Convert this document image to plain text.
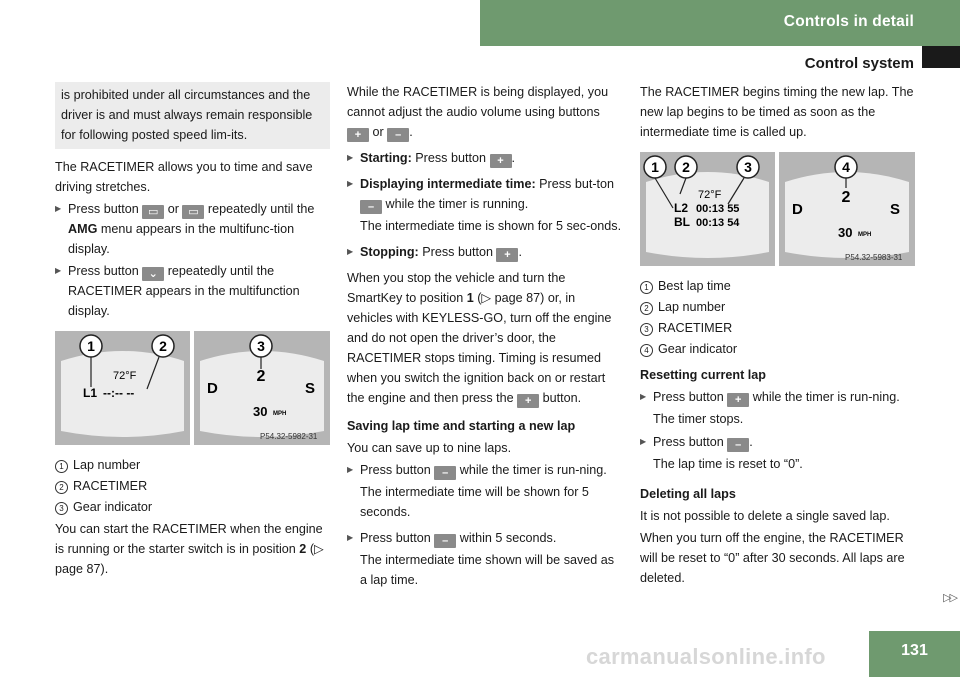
Controls in detail
Control system
is prohibited under all circumstances and the driver is and must always remain responsible for following posted speed lim-its.

The RACETIMER allows you to time and save driving stretches.

▶ Press button ▭ or ▭ repeatedly until the AMG menu appears in the multifunc-tion display.
▶ Press button ⌄ repeatedly until the RACETIMER appears in the multifunction display.
1	2	3
72°F
L1 --:-- --
2
D	S
30 MPH
P54.32-5982-31
1 Lap number
2 RACETIMER
3 Gear indicator

You can start the RACETIMER when the engine is running or the starter switch is in position 2 (▷ page 87).

While the RACETIMER is being displayed, you cannot adjust the audio volume using buttons + or – .

▶ Starting: Press button + .
▶ Displaying intermediate time: Press but-ton – while the timer is running.

The intermediate time is shown for 5 sec-onds.

▶ Stopping: Press button + .

When you stop the vehicle and turn the SmartKey to position 1 (▷ page 87) or, in vehicles with KEYLESS-GO, turn off the engine and do not open the driver’s door, the RACETIMER stops timing. Timing is resumed when you switch the ignition back on or restart the engine and then press the + button.

Saving lap time and starting a new lap

You can save up to nine laps.

▶ Press button – while the timer is run-ning.

The intermediate time will be shown for 5 seconds.

▶ Press button – within 5 seconds.

The intermediate time shown will be saved as a lap time.

The RACETIMER begins timing the new lap. The new lap begins to be timed as soon as the intermediate time is called up.

1 2	3	4
72°F
L2 00:13 55
BL 00:13 54
2
D	S
30 MPH
P54.32-5983-31
1 Best lap time
2 Lap number
3 RACETIMER
4 Gear indicator

Resetting current lap

▶ Press button + while the timer is run-ning.

The timer stops.

▶ Press button – .

The lap time is reset to “0”.

Deleting all laps

It is not possible to delete a single saved lap.

When you turn off the engine, the RACETIMER will be reset to “0” after 30 seconds. All laps are deleted.

▷▷
carmanualsonline.info	131
